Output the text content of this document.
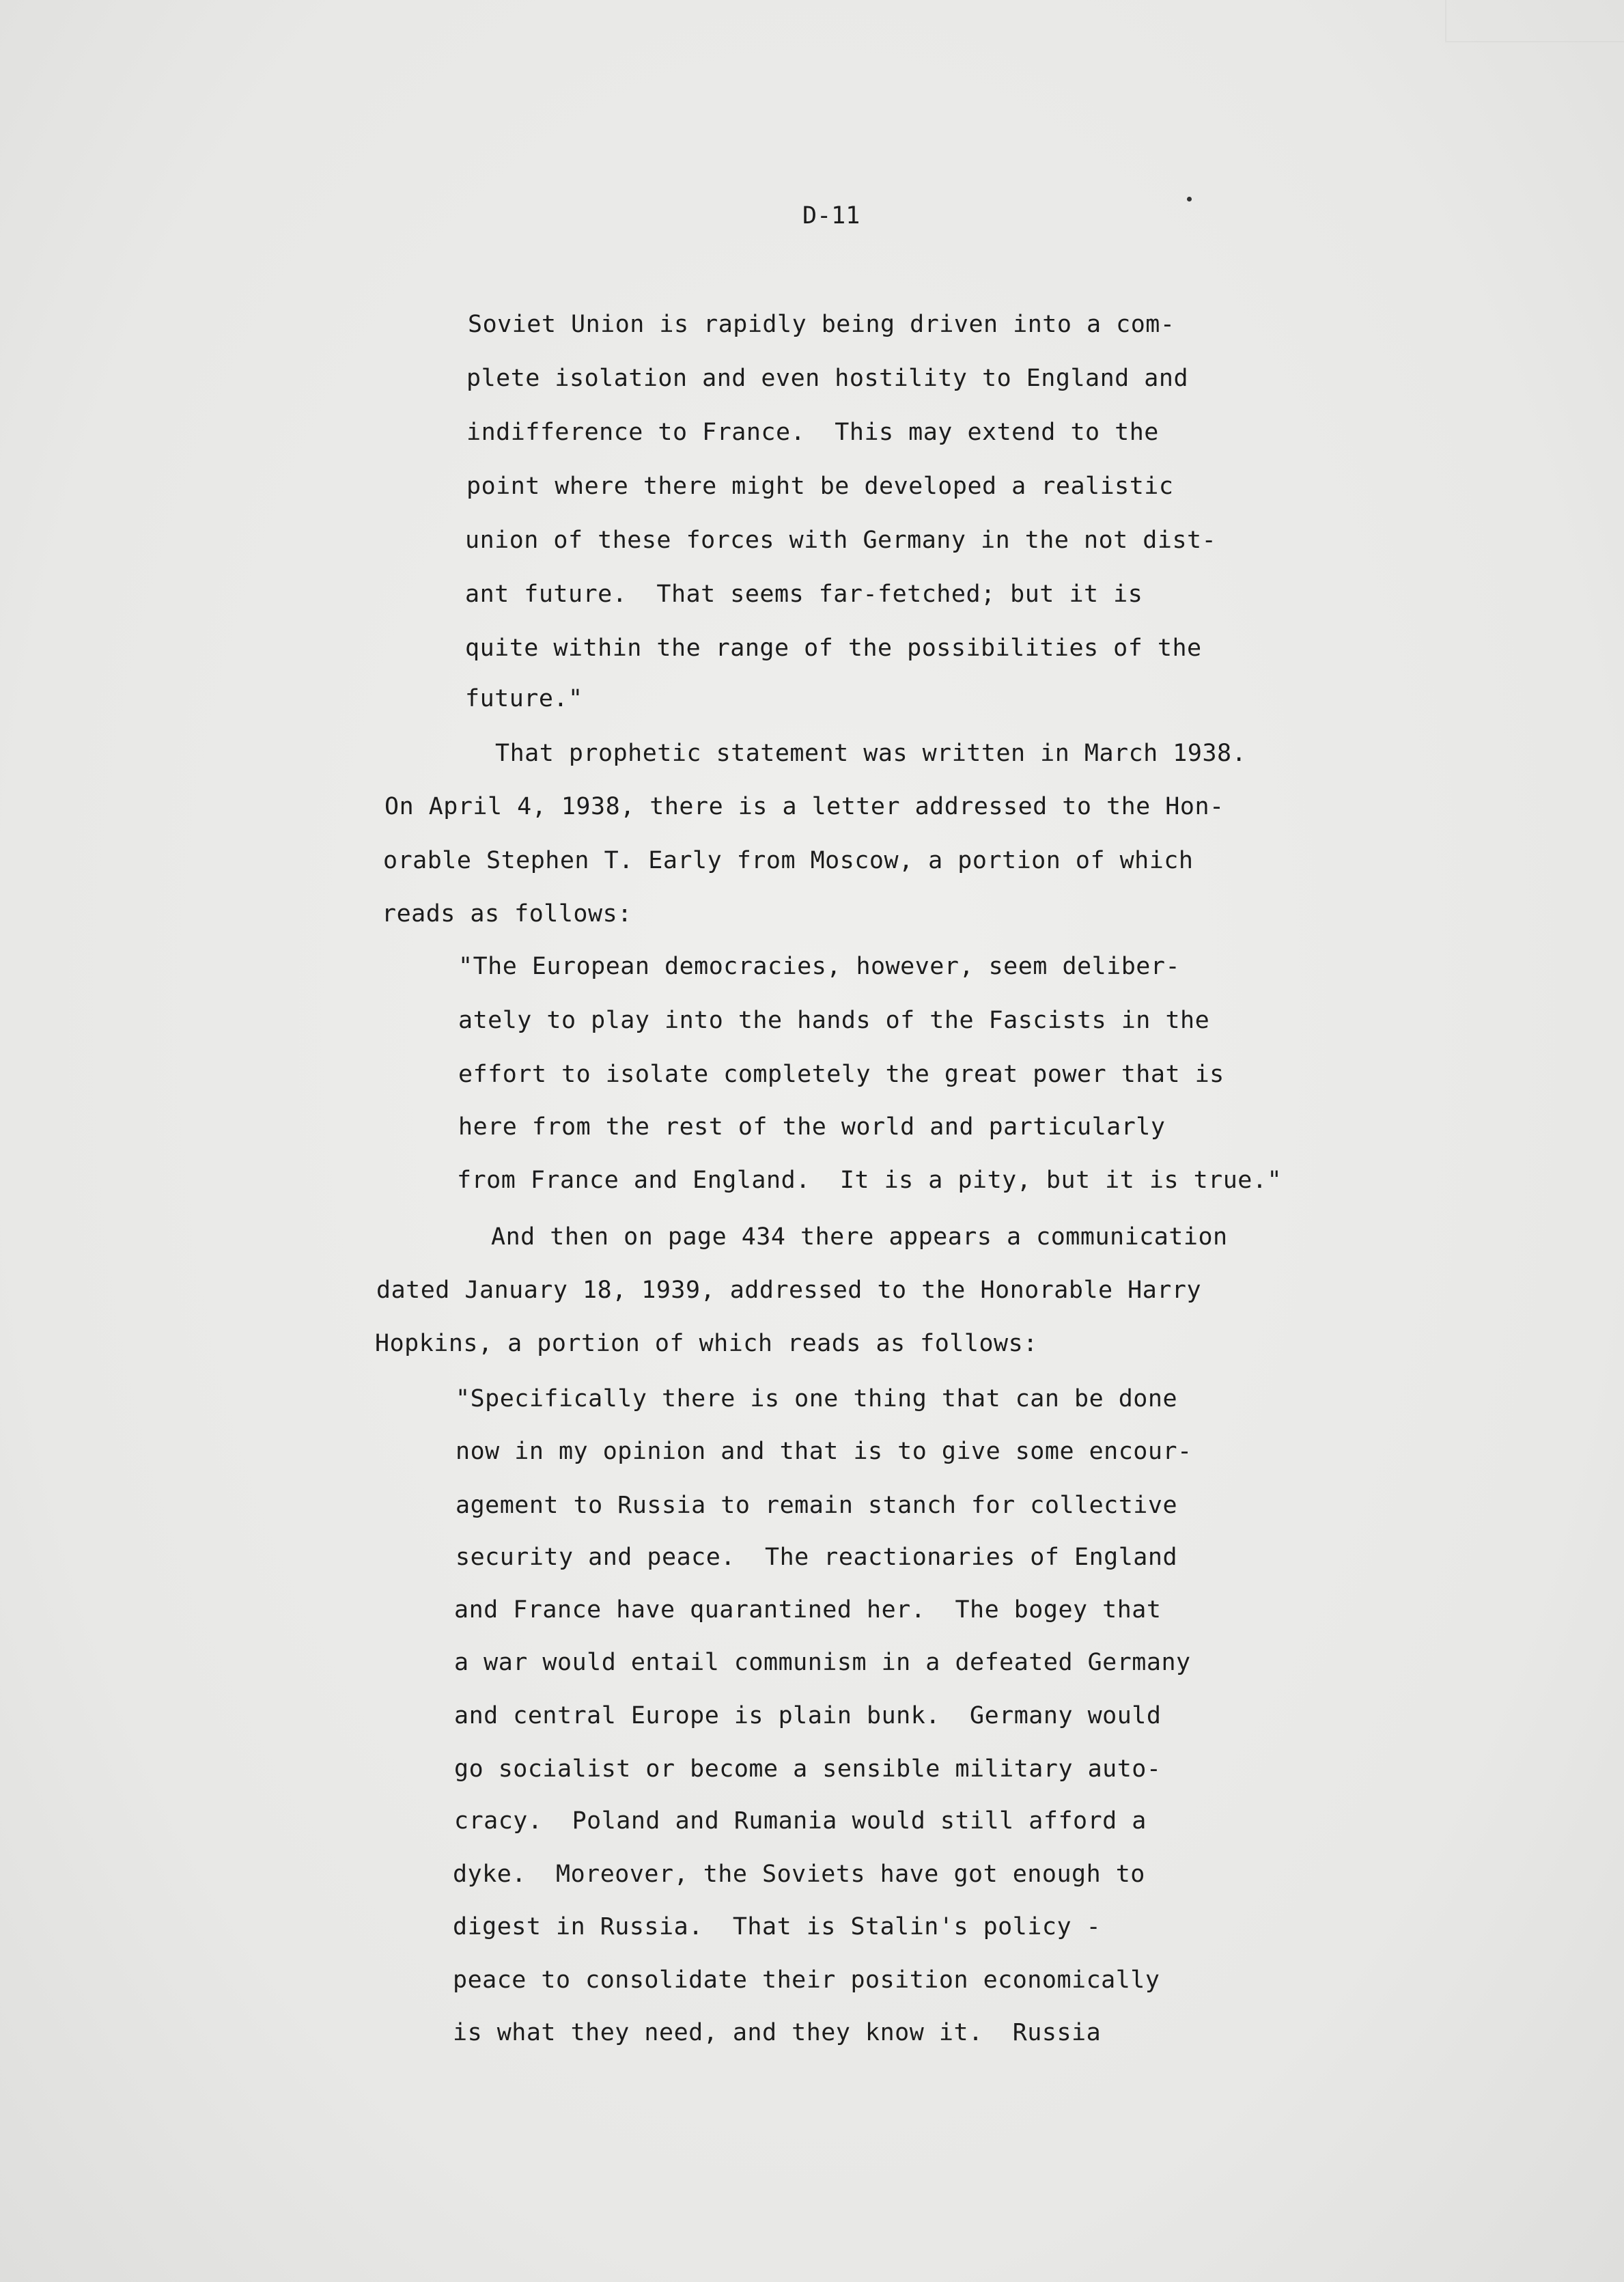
D-11
Soviet Union is rapidly being driven into a com-
plete isolation and even hostility to England and
indifference to France.  This may extend to the
point where there might be developed a realistic
union of these forces with Germany in the not dist-
ant future.  That seems far-fetched; but it is
quite within the range of the possibilities of the
future."
That prophetic statement was written in March 1938.
On April 4, 1938, there is a letter addressed to the Hon-
orable Stephen T. Early from Moscow, a portion of which
reads as follows:
"The European democracies, however, seem deliber-
ately to play into the hands of the Fascists in the
effort to isolate completely the great power that is
here from the rest of the world and particularly
from France and England.  It is a pity, but it is true."
And then on page 434 there appears a communication
dated January 18, 1939, addressed to the Honorable Harry
Hopkins, a portion of which reads as follows:
"Specifically there is one thing that can be done
now in my opinion and that is to give some encour-
agement to Russia to remain stanch for collective
security and peace.  The reactionaries of England
and France have quarantined her.  The bogey that
a war would entail communism in a defeated Germany
and central Europe is plain bunk.  Germany would
go socialist or become a sensible military auto-
cracy.  Poland and Rumania would still afford a
dyke.  Moreover, the Soviets have got enough to
digest in Russia.  That is Stalin's policy -
peace to consolidate their position economically
is what they need, and they know it.  Russia
